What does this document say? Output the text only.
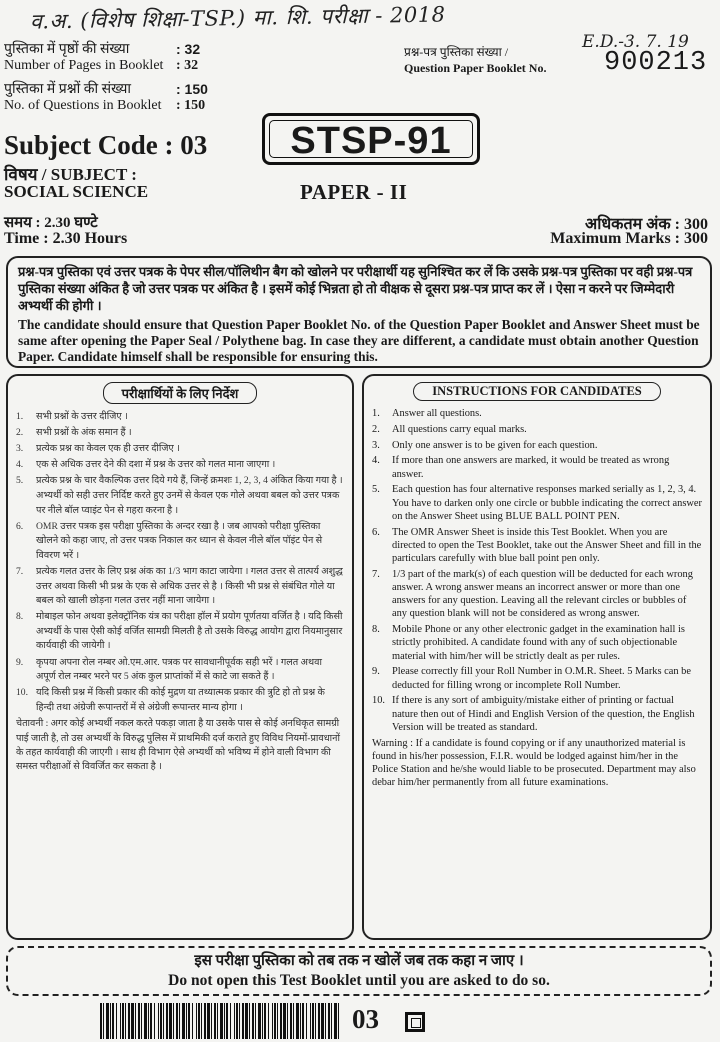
व.अ. (विशेष शिक्षा-TSP.) मा. शि. परीक्षा - 2018
E.D.-3. 7. 19
पुस्तिका में पृष्ठों की संख्या
Number of Pages in Booklet : 32
: 32
पुस्तिका में प्रश्नों की संख्या
No. of Questions in Booklet : 150
: 150
प्रश्न-पत्र पुस्तिका संख्या /
Question Paper Booklet No. 900213
STSP-91
Subject Code : 03
विषय / SUBJECT :
SOCIAL SCIENCE	PAPER - II
समय : 2.30 घण्टे
Time : 2.30 Hours
अधिकतम अंक : 300
Maximum Marks : 300
प्रश्न-पत्र पुस्तिका एवं उत्तर पत्रक के पेपर सील/पॉलिथीन बैग को खोलने पर परीक्षार्थी यह सुनिश्चित कर लें कि उसके प्रश्न-पत्र पुस्तिका पर वही प्रश्न-पत्र पुस्तिका संख्या अंकित है जो उत्तर पत्रक पर अंकित है । इसमें कोई भिन्नता हो तो वीक्षक से दूसरा प्रश्न-पत्र प्राप्त कर लें । ऐसा न करने पर जिम्मेदारी अभ्यर्थी की होगी ।
The candidate should ensure that Question Paper Booklet No. of the Question Paper Booklet and Answer Sheet must be same after opening the Paper Seal / Polythene bag. In case they are different, a candidate must obtain another Question Paper. Candidate himself shall be responsible for ensuring this.
परीक्षार्थियों के लिए निर्देश
1. सभी प्रश्नों के उत्तर दीजिए ।
2. सभी प्रश्नों के अंक समान हैं ।
3. प्रत्येक प्रश्न का केवल एक ही उत्तर दीजिए ।
4. एक से अधिक उत्तर देने की दशा में प्रश्न के उत्तर को गलत माना जाएगा ।
5. प्रत्येक प्रश्न के चार वैकल्पिक उत्तर दिये गये हैं, जिन्हें क्रमशः 1, 2, 3, 4 अंकित किया गया है । अभ्यर्थी को सही उत्तर निर्दिष्ट करते हुए उनमें से केवल एक गोले अथवा बबल को उत्तर पत्रक पर नीले बॉल प्वाइंट पेन से गहरा करना है ।
6. OMR उत्तर पत्रक इस परीक्षा पुस्तिका के अन्दर रखा है । जब आपको परीक्षा पुस्तिका खोलने को कहा जाए, तो उत्तर पत्रक निकाल कर ध्यान से केवल नीले बॉल पॉइंट पेन से विवरण भरें ।
7. प्रत्येक गलत उत्तर के लिए प्रश्न अंक का 1/3 भाग काटा जायेगा । गलत उत्तर से तात्पर्य अशुद्ध उत्तर अथवा किसी भी प्रश्न के एक से अधिक उत्तर से है । किसी भी प्रश्न से संबंधित गोले या बबल को खाली छोड़ना गलत उत्तर नहीं माना जायेगा ।
8. मोबाइल फोन अथवा इलेक्ट्रॉनिक यंत्र का परीक्षा हॉल में प्रयोग पूर्णतया वर्जित है । यदि किसी अभ्यर्थी के पास ऐसी कोई वर्जित सामग्री मिलती है तो उसके विरुद्ध आयोग द्वारा नियमानुसार कार्यवाही की जायेगी ।
9. कृपया अपना रोल नम्बर ओ.एम.आर. पत्रक पर सावधानीपूर्वक सही भरें । गलत अथवा अपूर्ण रोल नम्बर भरने पर 5 अंक कुल प्राप्तांकों में से काटे जा सकते हैं ।
10. यदि किसी प्रश्न में किसी प्रकार की कोई मुद्रण या तथ्यात्मक प्रकार की त्रुटि हो तो प्रश्न के हिन्दी तथा अंग्रेजी रूपान्तरों में से अंग्रेजी रूपान्तर मान्य होगा ।
चेतावनी : अगर कोई अभ्यर्थी नकल करते पकड़ा जाता है या उसके पास से कोई अनधिकृत सामग्री पाई जाती है, तो उस अभ्यर्थी के विरुद्ध पुलिस में प्राथमिकी दर्ज कराते हुए विविध नियमों-प्रावधानों के तहत कार्यवाही की जाएगी । साथ ही विभाग ऐसे अभ्यर्थी को भविष्य में होने वाली विभाग की समस्त परीक्षाओं से विवर्जित कर सकता है ।
INSTRUCTIONS FOR CANDIDATES
1. Answer all questions.
2. All questions carry equal marks.
3. Only one answer is to be given for each question.
4. If more than one answers are marked, it would be treated as wrong answer.
5. Each question has four alternative responses marked serially as 1, 2, 3, 4. You have to darken only one circle or bubble indicating the correct answer on the Answer Sheet using BLUE BALL POINT PEN.
6. The OMR Answer Sheet is inside this Test Booklet. When you are directed to open the Test Booklet, take out the Answer Sheet and fill in the particulars carefully with blue ball point pen only.
7. 1/3 part of the mark(s) of each question will be deducted for each wrong answer. A wrong answer means an incorrect answer or more than one answers for any question. Leaving all the relevant circles or bubbles of any question blank will not be considered as wrong answer.
8. Mobile Phone or any other electronic gadget in the examination hall is strictly prohibited. A candidate found with any of such objectionable material with him/her will be strictly dealt as per rules.
9. Please correctly fill your Roll Number in O.M.R. Sheet. 5 Marks can be deducted for filling wrong or incomplete Roll Number.
10. If there is any sort of ambiguity/mistake either of printing or factual nature then out of Hindi and English Version of the question, the English Version will be treated as standard.
Warning : If a candidate is found copying or if any unauthorized material is found in his/her possession, F.I.R. would be lodged against him/her in the Police Station and he/she would liable to be prosecuted. Department may also debar him/her permanently from all future examinations.
इस परीक्षा पुस्तिका को तब तक न खोलें जब तक कहा न जाए ।
Do not open this Test Booklet until you are asked to do so.
03
